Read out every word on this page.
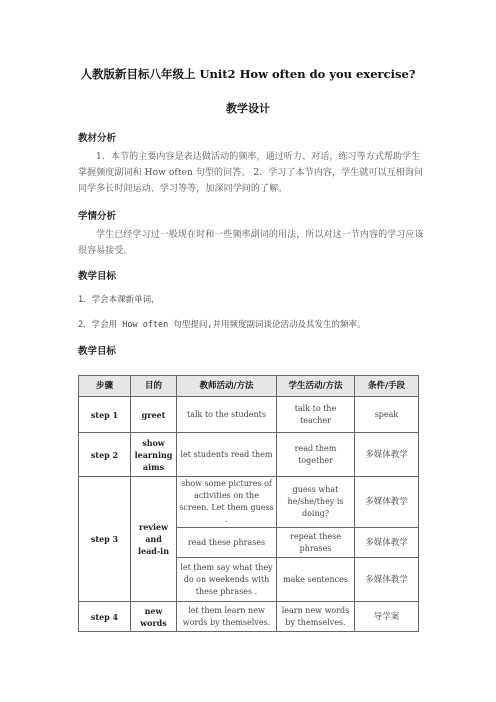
人教版新目标八年级上 Unit2 How often do you exercise?
教学设计
教材分析
1．本节的主要内容是表达做活动的频率，通过听力、对话，练习等方式帮助学生掌握频度副词和 How often 句型的问答。 2．学习了本节内容，学生就可以互相询问同学多长时间运动、学习等等，加深同学间的了解。
学情分析
学生已经学习过一般现在时和一些频率副词的用法，所以对这一节内容的学习应该很容易接受。
教学目标
1．学会本课新单词，
2．学会用 How often 句型提问,并用频度副词谈论活动及其发生的频率。
教学目标
步骤	目的	教师活动/方法	学生活动/方法	条件/手段
step 1	greet	talk to the students	talk to the teacher	speak
step 2	show learning aims	let students read them	read them together	多媒体教学
step 3	review and lead-in	show some pictures of activities on the screen. Let them guess .	guess what he/she/they is doing?	多媒体教学
		read these phrases	repeat these phrases	多媒体教学
		let them say what they do on weekends with these phrases .	make sentences	多媒体教学
step 4	new words	let them learn new words by themselves.	learn new words by themselves.	导学案
